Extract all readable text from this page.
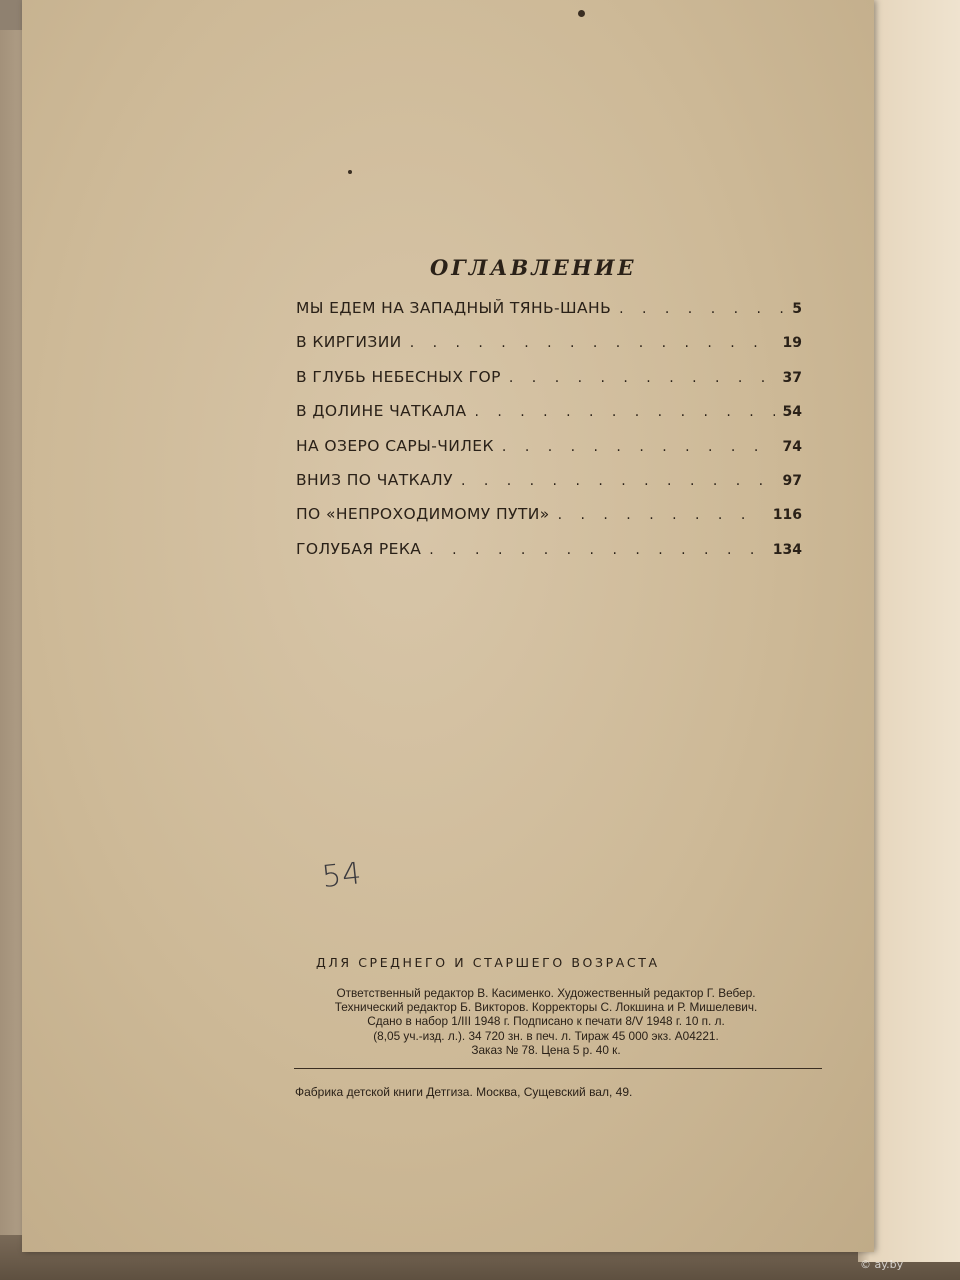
ОГЛАВЛЕНИЕ
МЫ ЕДЕМ НА ЗАПАДНЫЙ ТЯНЬ-ШАНЬ . . .	5
В КИРГИЗИИ . . .	19
В ГЛУБЬ НЕБЕСНЫХ ГОР . . .	37
В ДОЛИНЕ ЧАТКАЛА . . .	54
НА ОЗЕРО САРЫ-ЧИЛЕК . . .	74
ВНИЗ ПО ЧАТКАЛУ . . .	97
ПО «НЕПРОХОДИМОМУ ПУТИ» . . .	116
ГОЛУБАЯ РЕКА . . .	134
54
ДЛЯ СРЕДНЕГО И СТАРШЕГО ВОЗРАСТА
Ответственный редактор В. Касименко. Художественный редактор Г. Вебер.
Технический редактор Б. Викторов. Корректоры С. Локшина и Р. Мишелевич.
Сдано в набор 1/III 1948 г. Подписано к печати 8/V 1948 г. 10 п. л.
(8,05 уч.-изд. л.). 34 720 зн. в печ. л. Тираж 45 000 экз. А04221.
Заказ № 78. Цена 5 р. 40 к.
Фабрика детской книги Детгиза. Москва, Сущевский вал, 49.
© ay.by
